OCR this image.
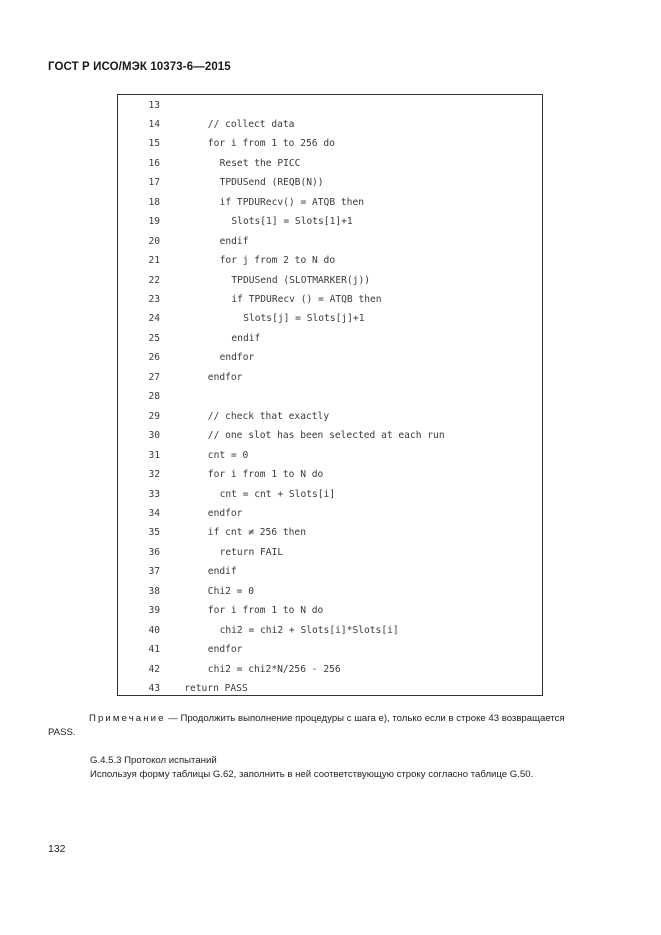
ГОСТ Р ИСО/МЭК 10373-6—2015
13
14	// collect data
15	for i from 1 to 256 do
16	Reset the PICC
17	TPDUSend (REQB(N))
18	if TPDURecv() = ATQB then
19	Slots[1] = Slots[1]+1
20	endif
21	for j from 2 to N do
22	TPDUSend (SLOTMARKER(j))
23	if TPDURecv () = ATQB then
24	Slots[j] = Slots[j]+1
25	endif
26	endfor
27	endfor
28
29	// check that exactly
30	// one slot has been selected at each run
31	cnt = 0
32	for i from 1 to N do
33	cnt = cnt + Slots[i]
34	endfor
35	if cnt ≠ 256 then
36	return FAIL
37	endif
38	Chi2 = 0
39	for i from 1 to N do
40	chi2 = chi2 + Slots[i]*Slots[i]
41	endfor
42	chi2 = chi2*N/256 - 256
43	return PASS
Примечание — Продолжить выполнение процедуры с шага е), только если в строке 43 возвращается
PASS.
G.4.5.3 Протокол испытаний
Используя форму таблицы G.62, заполнить в ней соответствующую строку согласно таблице G.50.
132
